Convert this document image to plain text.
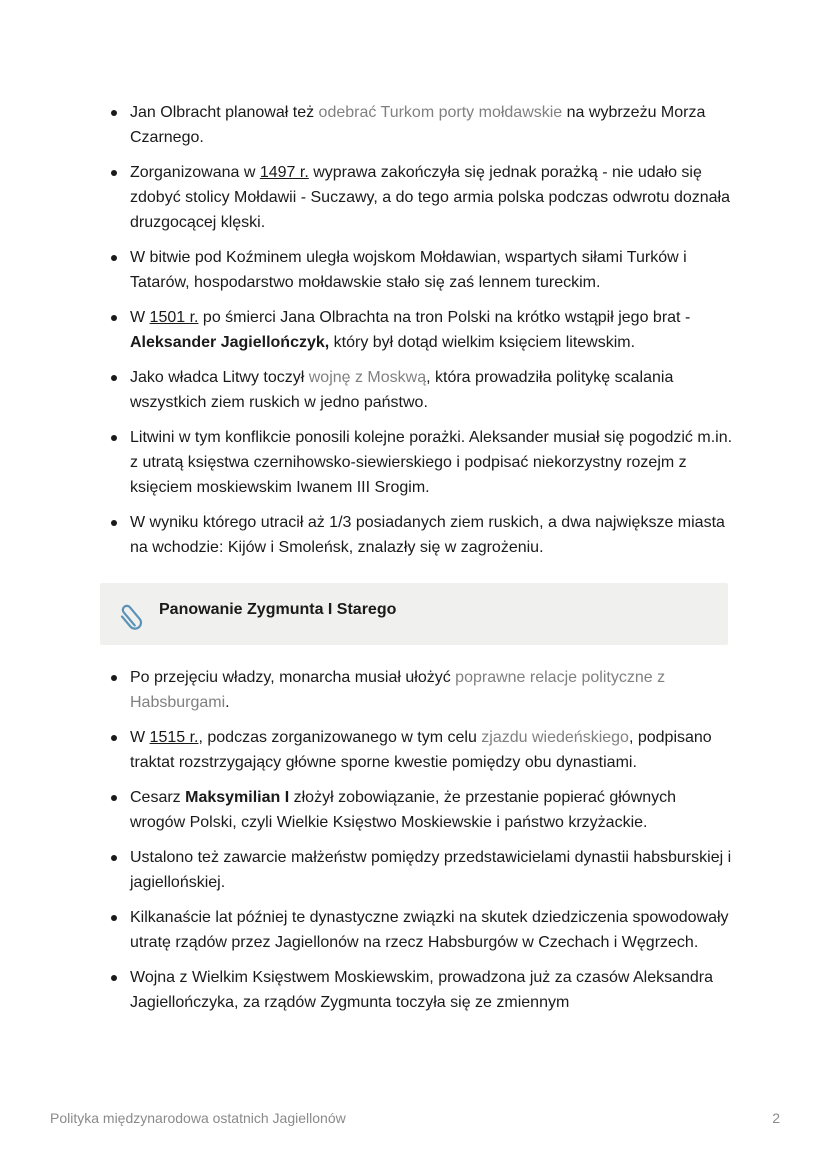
Jan Olbracht planował też odebrać Turkom porty mołdawskie na wybrzeżu Morza Czarnego.
Zorganizowana w 1497 r. wyprawa zakończyła się jednak porażką - nie udało się zdobyć stolicy Mołdawii - Suczawy, a do tego armia polska podczas odwrotu doznała druzgocącej klęski.
W bitwie pod Koźminem uległa wojskom Mołdawian, wspartych siłami Turków i Tatarów, hospodarstwo mołdawskie stało się zaś lennem tureckim.
W 1501 r. po śmierci Jana Olbrachta na tron Polski na krótko wstąpił jego brat - Aleksander Jagiellończyk, który był dotąd wielkim księciem litewskim.
Jako władca Litwy toczył wojnę z Moskwą, która prowadziła politykę scalania wszystkich ziem ruskich w jedno państwo.
Litwini w tym konflikcie ponosili kolejne porażki. Aleksander musiał się pogodzić m.in. z utratą księstwa czernihowsko-siewierskiego i podpisać niekorzystny rozejm z księciem moskiewskim Iwanem III Srogim.
W wyniku którego utracił aż 1/3 posiadanych ziem ruskich, a dwa największe miasta na wchodzie: Kijów i Smoleńsk, znalazły się w zagrożeniu.
Panowanie Zygmunta I Starego
Po przejęciu władzy, monarcha musiał ułożyć poprawne relacje polityczne z Habsburgami.
W 1515 r., podczas zorganizowanego w tym celu zjazdu wiedeńskiego, podpisano traktat rozstrzygający główne sporne kwestie pomiędzy obu dynastiami.
Cesarz Maksymilian I złożył zobowiązanie, że przestanie popierać głównych wrogów Polski, czyli Wielkie Księstwo Moskiewskie i państwo krzyżackie.
Ustalono też zawarcie małżeństw pomiędzy przedstawicielami dynastii habsburskiej i jagiellońskiej.
Kilkanaście lat później te dynastyczne związki na skutek dziedziczenia spowodowały utratę rządów przez Jagiellonów na rzecz Habsburgów w Czechach i Węgrzech.
Wojna z Wielkim Księstwem Moskiewskim, prowadzona już za czasów Aleksandra Jagiellończyka, za rządów Zygmunta toczyła się ze zmiennym
Polityka międzynarodowa ostatnich Jagiellonów	2
